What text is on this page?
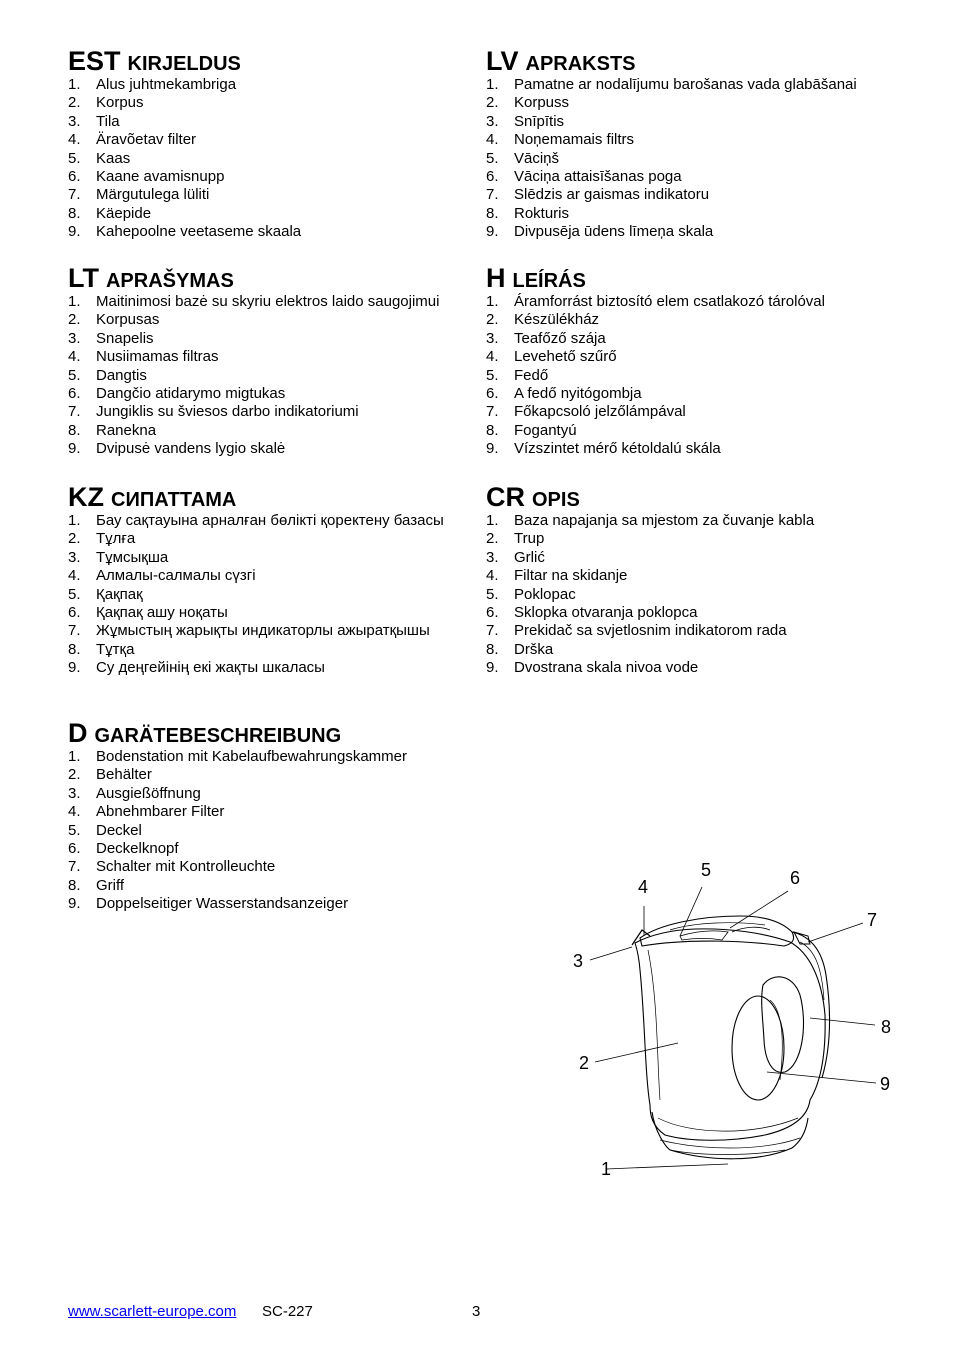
EST KIRJELDUS
1.	Alus juhtmekambriga
2.	Korpus
3.	Tila
4.	Äravõetav filter
5.	Kaas
6.	Kaane avamisnupp
7.	Märgutulega lüliti
8.	Käepide
9.	Kahepoolne veetaseme skaala
LV APRAKSTS
1.	Pamatne ar nodalījumu barošanas vada glabāšanai
2.	Korpuss
3.	Snīpītis
4.	Noņemamais filtrs
5.	Vāciņš
6.	Vāciņa attaisīšanas poga
7.	Slēdzis ar gaismas indikatoru
8.	Rokturis
9.	Divpusēja ūdens līmeņa skala
LT APRAŠYMAS
1.	Maitinimosi bazė su skyriu elektros laido saugojimui
2.	Korpusas
3.	Snapelis
4.	Nusiimamas filtras
5.	Dangtis
6.	Dangčio atidarymo migtukas
7.	Jungiklis su šviesos darbo indikatoriumi
8.	Ranekna
9.	Dvipusė vandens lygio skalė
H LEÍRÁS
1.	Áramforrást biztosító elem csatlakozó tárolóval
2.	Készülékház
3.	Teafőző szája
4.	Levehető szűrő
5.	Fedő
6.	A fedő nyitógombja
7.	Főkapcsoló jelzőlámpával
8.	Fogantyú
9.	Vízszintet mérő kétoldalú skála
KZ СИПАТТАМА
1.	Бау сақтауына арналған бөлікті қоректену базасы
2.	Тұлға
3.	Тұмсықша
4.	Алмалы-салмалы сүзгі
5.	Қақпақ
6.	Қақпақ ашу ноқаты
7.	Жұмыстың жарықты индикаторлы ажыратқышы
8.	Тұтқа
9.	Су деңгейінің екі жақты шкаласы
CR OPIS
1.	Baza napajanja sa mjestom za čuvanje kabla
2.	Trup
3.	Grlić
4.	Filtar na skidanje
5.	Poklopac
6.	Sklopka otvaranja poklopca
7.	Prekidač sa svjetlosnim indikatorom rada
8.	Drška
9.	Dvostrana skala nivoa vode
D GARÄTEBESCHREIBUNG
1.	Bodenstation mit Kabelaufbewahrungskammer
2.	Behälter
3.	Ausgießöffnung
4.	Abnehmbarer Filter
5.	Deckel
6.	Deckelknopf
7.	Schalter mit Kontrolleuchte
8.	Griff
9.	Doppelseitiger Wasserstandsanzeiger
1
2
3
4
5	6
7
8
9
www.scarlett-europe.com SC-227	3
